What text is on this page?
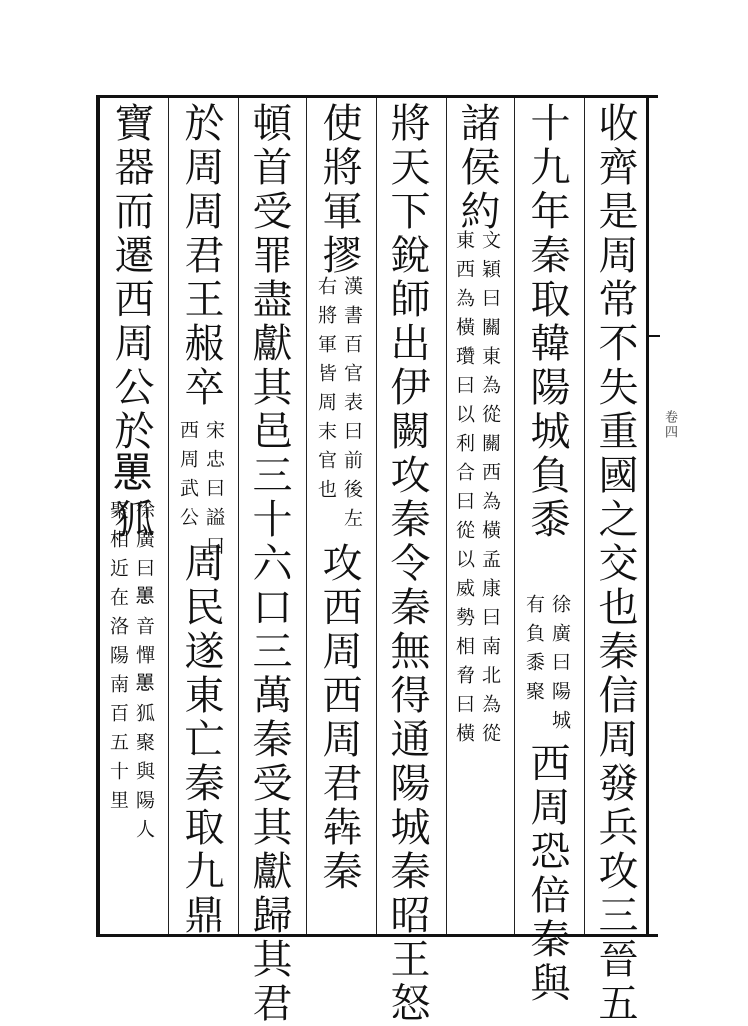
卷四
收齊是周常不失重國之交也秦信周發兵攻三晉五
十九年秦取韓陽城負黍
徐廣曰陽城
有負黍聚
西周恐倍秦與
諸侯約
文穎曰關東為從關西為橫孟康曰南北為從
東西為橫瓚曰以利合曰從以威勢相脅曰橫
將天下銳師出伊闕攻秦令秦無得通陽城秦昭王怒
使將軍摎
漢書百官表曰前後左
右將軍皆周末官也
攻西周西周君犇秦
頓首受罪盡獻其邑三十六口三萬秦受其獻歸其君
於周周君王赧卒
宋忠曰謚曰
西周武公
周民遂東亡秦取九鼎
寶器而遷西周公於𢠸狐
徐廣曰𢠸音憚𢠸狐聚與陽人
聚相近在洛陽南百五十里
